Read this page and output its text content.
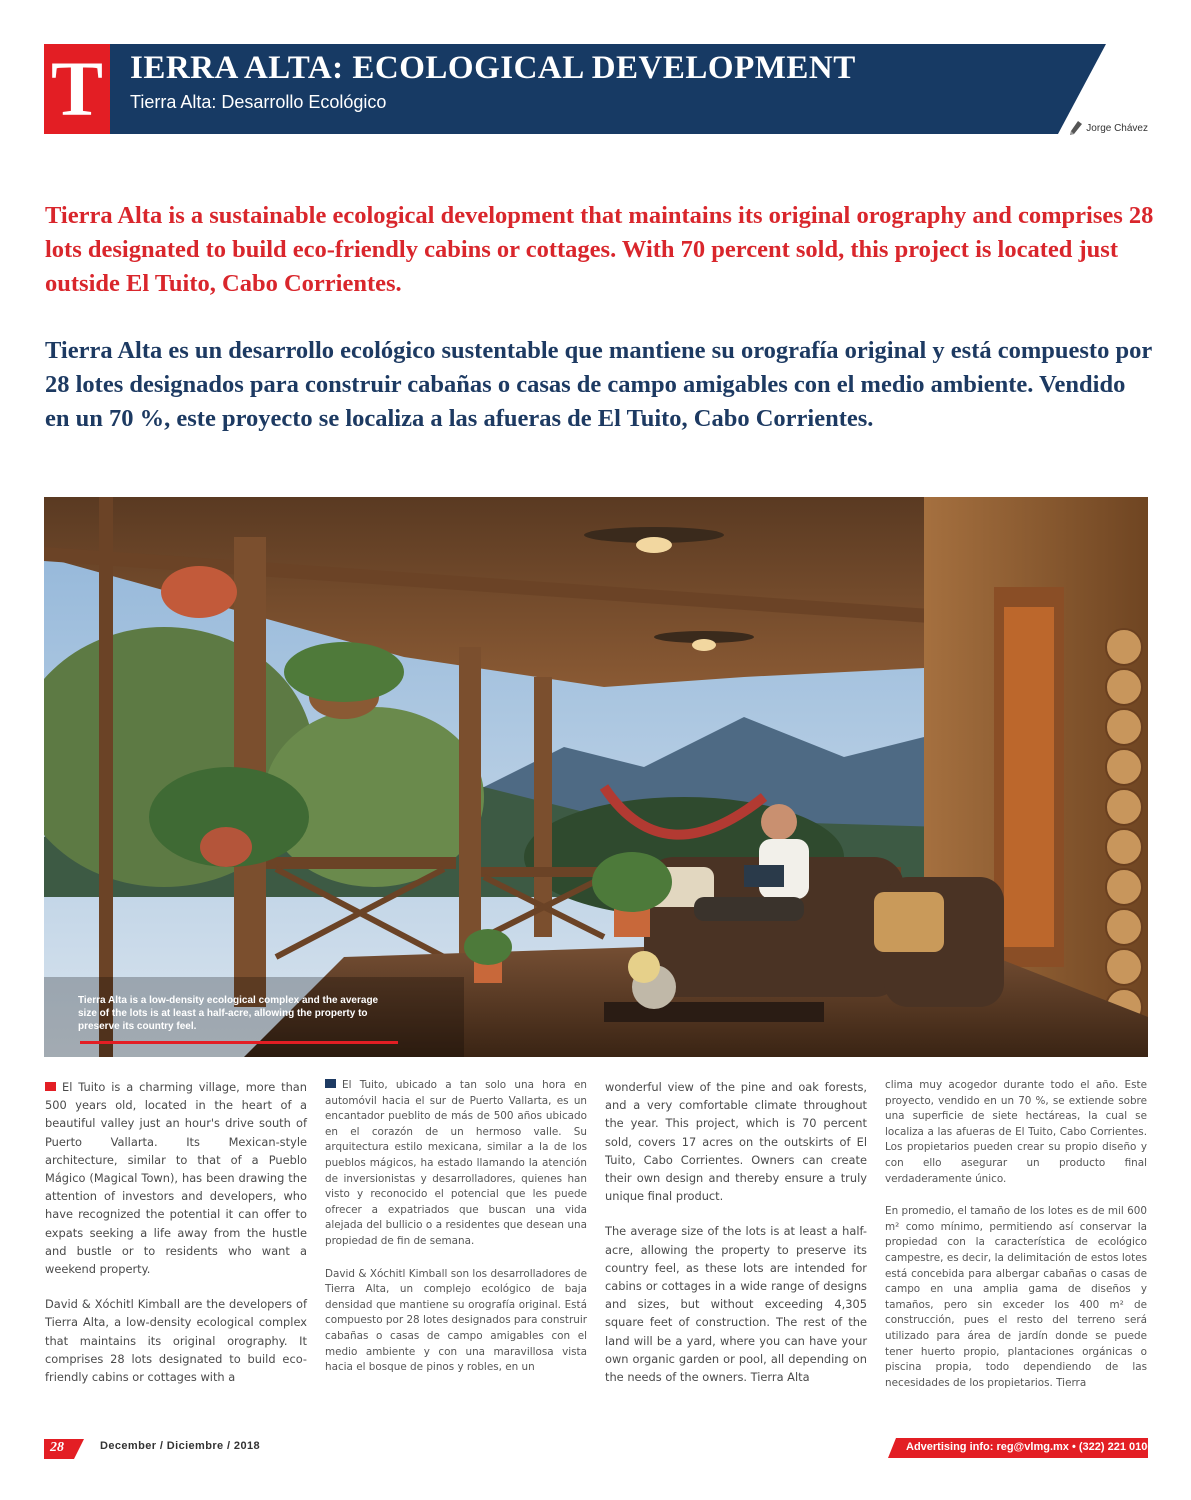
T IERRA ALTA: ECOLOGICAL DEVELOPMENT
Tierra Alta: Desarrollo Ecológico
Jorge Chávez

Tierra Alta is a sustainable ecological development that maintains its original orography and comprises 28 lots designated to build eco-friendly cabins or cottages. With 70 percent sold, this project is located just outside El Tuito, Cabo Corrientes.

Tierra Alta es un desarrollo ecológico sustentable que mantiene su orografía original y está compuesto por 28 lotes designados para construir cabañas o casas de campo amigables con el medio ambiente. Vendido en un 70 %, este proyecto se localiza a las afueras de El Tuito, Cabo Corrientes.

Tierra Alta is a low-density ecological complex and the average size of the lots is at least a half-acre, allowing the property to preserve its country feel.

El Tuito is a charming village, more than 500 years old, located in the heart of a beautiful valley just an hour's drive south of Puerto Vallarta. Its Mexican-style architecture, similar to that of a Pueblo Mágico (Magical Town), has been drawing the attention of investors and developers, who have recognized the potential it can offer to expats seeking a life away from the hustle and bustle or to residents who want a weekend property.

David & Xóchitl Kimball are the developers of Tierra Alta, a low-density ecological complex that maintains its original orography. It comprises 28 lots designated to build eco-friendly cabins or cottages with a

El Tuito, ubicado a tan solo una hora en automóvil hacia el sur de Puerto Vallarta, es un encantador pueblito de más de 500 años ubicado en el corazón de un hermoso valle. Su arquitectura estilo mexicana, similar a la de los pueblos mágicos, ha estado llamando la atención de inversionistas y desarrolladores, quienes han visto y reconocido el potencial que les puede ofrecer a expatriados que buscan una vida alejada del bullicio o a residentes que desean una propiedad de fin de semana.

David & Xóchitl Kimball son los desarrolladores de Tierra Alta, un complejo ecológico de baja densidad que mantiene su orografía original. Está compuesto por 28 lotes designados para construir cabañas o casas de campo amigables con el medio ambiente y con una maravillosa vista hacia el bosque de pinos y robles, en un

wonderful view of the pine and oak forests, and a very comfortable climate throughout the year. This project, which is 70 percent sold, covers 17 acres on the outskirts of El Tuito, Cabo Corrientes. Owners can create their own design and thereby ensure a truly unique final product.

The average size of the lots is at least a half-acre, allowing the property to preserve its country feel, as these lots are intended for cabins or cottages in a wide range of designs and sizes, but without exceeding 4,305 square feet of construction. The rest of the land will be a yard, where you can have your own organic garden or pool, all depending on the needs of the owners. Tierra Alta

clima muy acogedor durante todo el año. Este proyecto, vendido en un 70 %, se extiende sobre una superficie de siete hectáreas, la cual se localiza a las afueras de El Tuito, Cabo Corrientes. Los propietarios pueden crear su propio diseño y con ello asegurar un producto final verdaderamente único.

En promedio, el tamaño de los lotes es de mil 600 m² como mínimo, permitiendo así conservar la propiedad con la característica de ecológico campestre, es decir, la delimitación de estos lotes está concebida para albergar cabañas o casas de campo en una amplia gama de diseños y tamaños, pero sin exceder los 400 m² de construcción, pues el resto del terreno será utilizado para área de jardín donde se puede tener huerto propio, plantaciones orgánicas o piscina propia, todo dependiendo de las necesidades de los propietarios. Tierra

28	December / Diciembre / 2018	Advertising info: reg@vlmg.mx • (322) 221 0106
